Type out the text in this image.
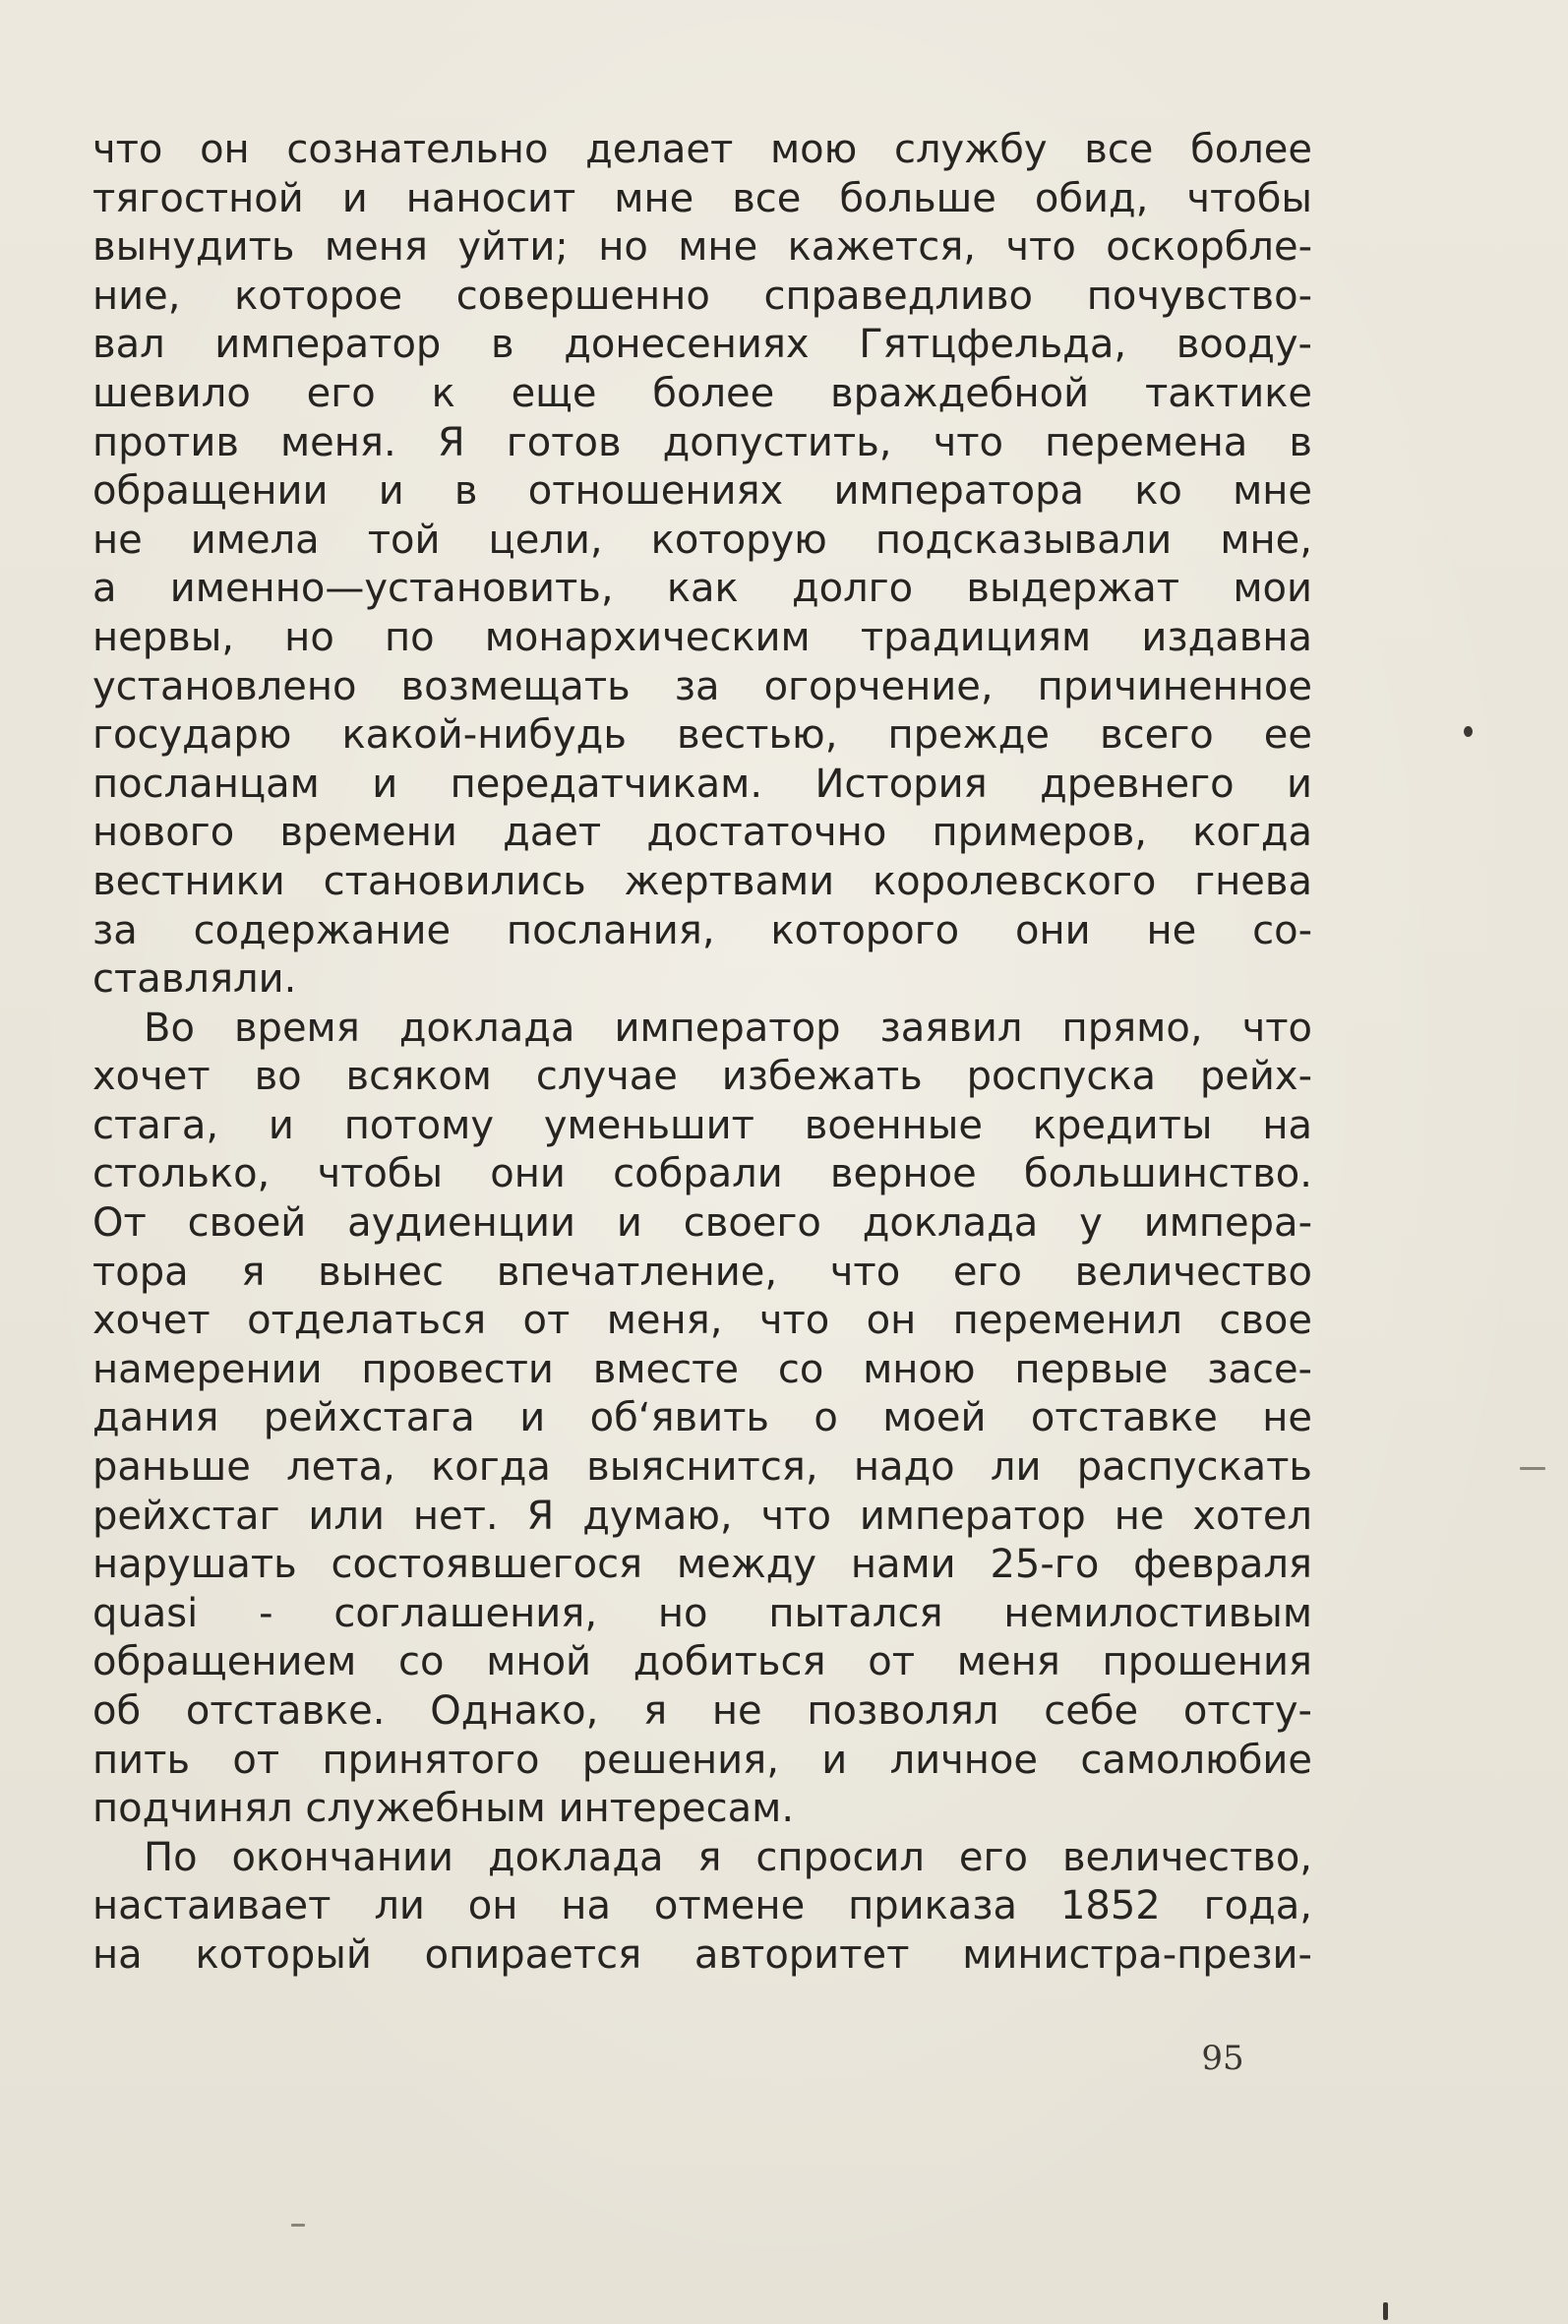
что он сознательно делает мою службу все более
тягостной и наносит мне все больше обид, чтобы
вынудить меня уйти; но мне кажется, что оскорбле-
ние, которое совершенно справедливо почувство-
вал император в донесениях Гятцфельда, вооду-
шевило его к еще более враждебной тактике
против меня. Я готов допустить, что перемена в
обращении и в отношениях императора ко мне
не имела той цели, которую подсказывали мне,
а именно—установить, как долго выдержат мои
нервы, но по монархическим традициям издавна
установлено возмещать за огорчение, причиненное
государю какой-нибудь вестью, прежде всего ее
посланцам и передатчикам. История древнего и
нового времени дает достаточно примеров, когда
вестники становились жертвами королевского гнева
за содержание послания, которого они не со-
ставляли.
Во время доклада император заявил прямо, что
хочет во всяком случае избежать роспуска рейх-
стага, и потому уменьшит военные кредиты на
столько, чтобы они собрали верное большинство.
От своей аудиенции и своего доклада у импера-
тора я вынес впечатление, что его величество
хочет отделаться от меня, что он переменил свое
намерении провести вместе со мною первые засе-
дания рейхстага и об‘явить о моей отставке не
раньше лета, когда выяснится, надо ли распускать
рейхстаг или нет. Я думаю, что император не хотел
нарушать состоявшегося между нами 25-го февраля
quasi - соглашения, но пытался немилостивым
обращением со мной добиться от меня прошения
об отставке. Однако, я не позволял себе отсту-
пить от принятого решения, и личное самолюбие
подчинял служебным интересам.
По окончании доклада я спросил его величество,
настаивает ли он на отмене приказа 1852 года,
на который опирается авторитет министра-прези-
95
